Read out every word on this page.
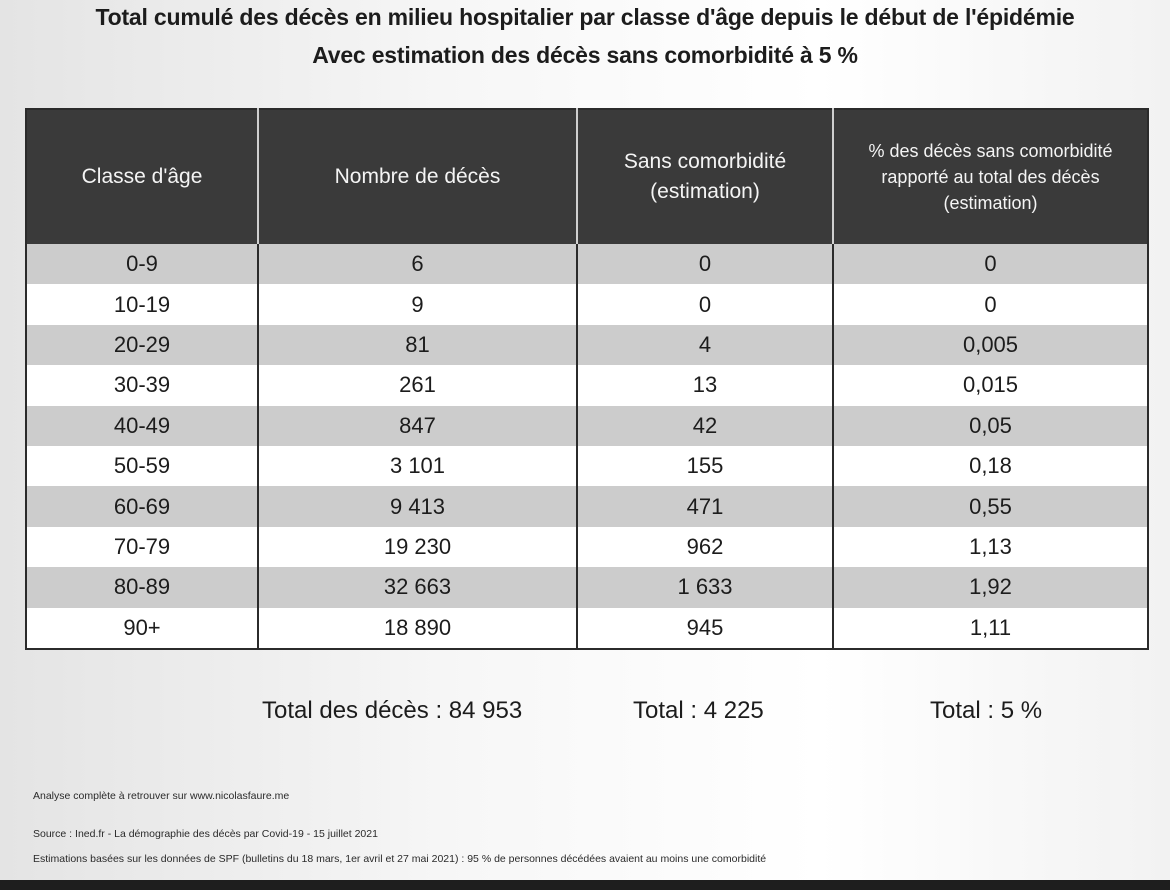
Total cumulé des décès en milieu hospitalier par classe d'âge depuis le début de l'épidémie
Avec estimation des décès sans comorbidité à 5 %
Classe d'âge	Nombre de décès	Sans comorbidité (estimation)	% des décès sans comorbidité rapporté au total des décès (estimation)
0-9	6	0	0
10-19	9	0	0
20-29	81	4	0,005
30-39	261	13	0,015
40-49	847	42	0,05
50-59	3 101	155	0,18
60-69	9 413	471	0,55
70-79	19 230	962	1,13
80-89	32 663	1 633	1,92
90+	18 890	945	1,11
Total des décès : 84 953	Total : 4 225	Total : 5 %
Analyse complète à retrouver sur www.nicolasfaure.me
Source : Ined.fr - La démographie des décès par Covid-19 - 15 juillet 2021
Estimations basées sur les données de SPF (bulletins du 18 mars, 1er avril et 27 mai 2021) : 95 % de personnes décédées avaient au moins une comorbidité
